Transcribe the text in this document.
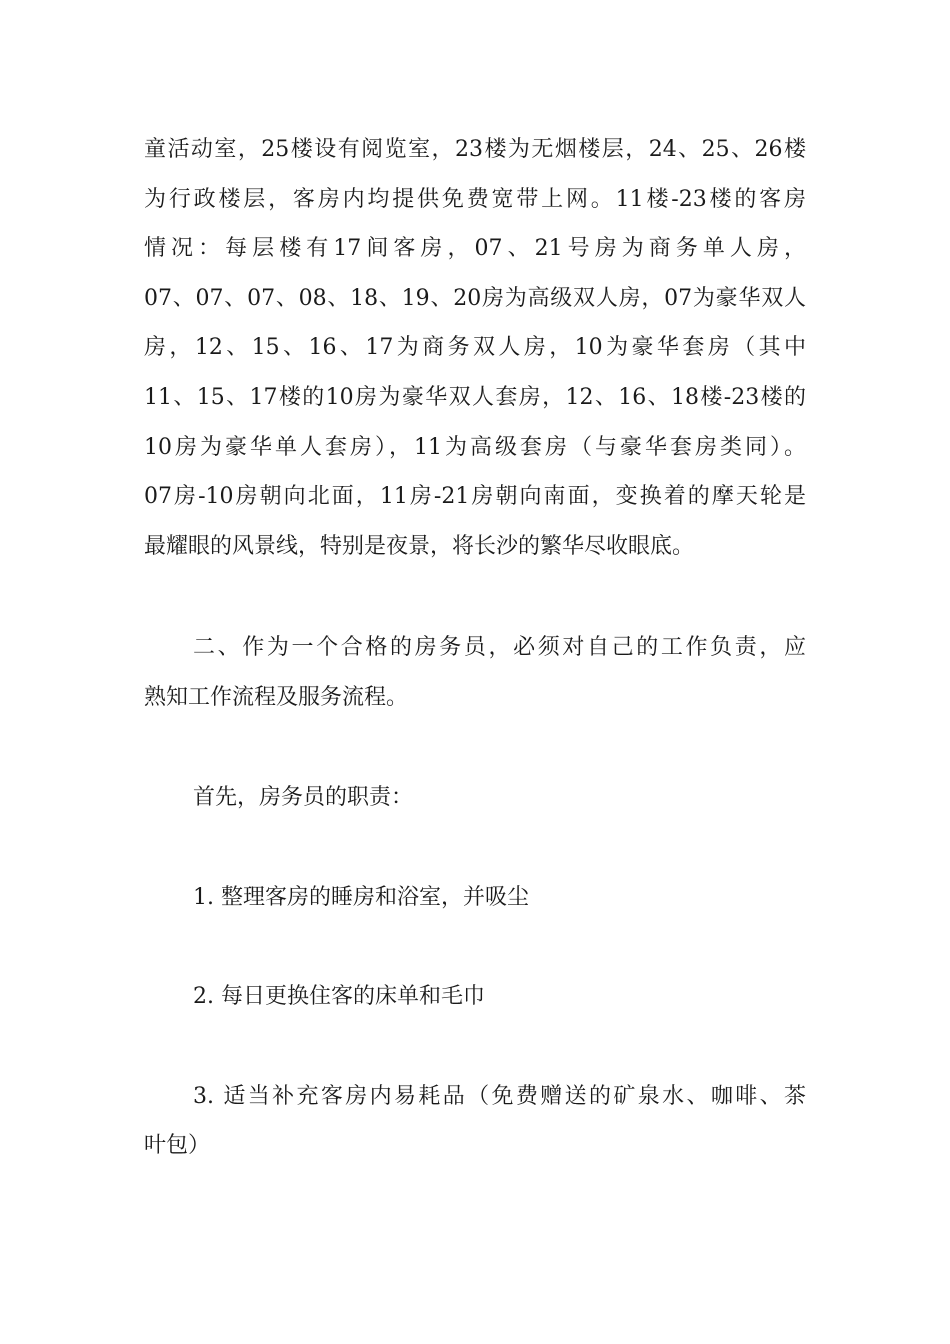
童活动室，25楼设有阅览室，23楼为无烟楼层，24、25、26楼
为行政楼层，客房内均提供免费宽带上网。11楼-23楼的客房
情况：每层楼有17间客房，07、21号房为商务单人房，
07、07、07、08、18、19、20房为高级双人房，07为豪华双人
房，12、15、16、17为商务双人房，10为豪华套房（其中
11、15、17楼的10房为豪华双人套房，12、16、18楼-23楼的
10房为豪华单人套房），11为高级套房（与豪华套房类同）。
07房-10房朝向北面，11房-21房朝向南面，变换着的摩天轮是
最耀眼的风景线，特别是夜景，将长沙的繁华尽收眼底。
二、作为一个合格的房务员，必须对自己的工作负责，应
熟知工作流程及服务流程。
首先，房务员的职责：
1. 整理客房的睡房和浴室，并吸尘
2. 每日更换住客的床单和毛巾
3. 适当补充客房内易耗品（免费赠送的矿泉水、咖啡、茶
叶包）
